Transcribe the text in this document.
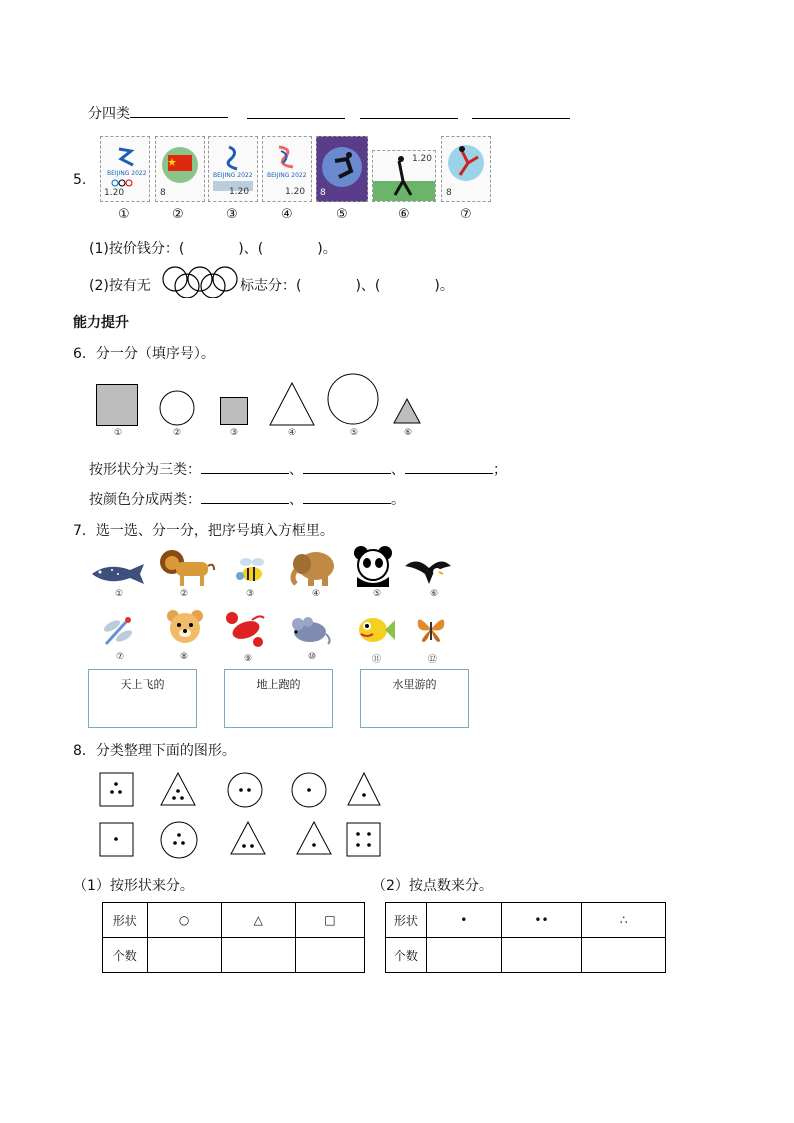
分四类
5.	BEIJING 2022
1.20	8
BEIJING 2022
1.20
BEIJING 2022
1.20 8
1.20
8
①	②	③	④	⑤	⑥	⑦
(1)按价钱分：(	)、(	)。
(2)按有无	标志分：(	)、(	)。
能力提升
6．分一分（填序号）。
①	②	③	④	⑤	⑥
按形状分为三类：	、	、	；
按颜色分成两类：	、	。
7．选一选、分一分，把序号填入方框里。
①	②	③	④	⑤	⑥
⑦	⑧	⑨	⑩	⑪	⑫
天上飞的	地上跑的	水里游的
8．分类整理下面的图形。
（1）按形状来分。	（2）按点数来分。
形状	○	△	□
个数			
形状	•	••	∴
个数			
